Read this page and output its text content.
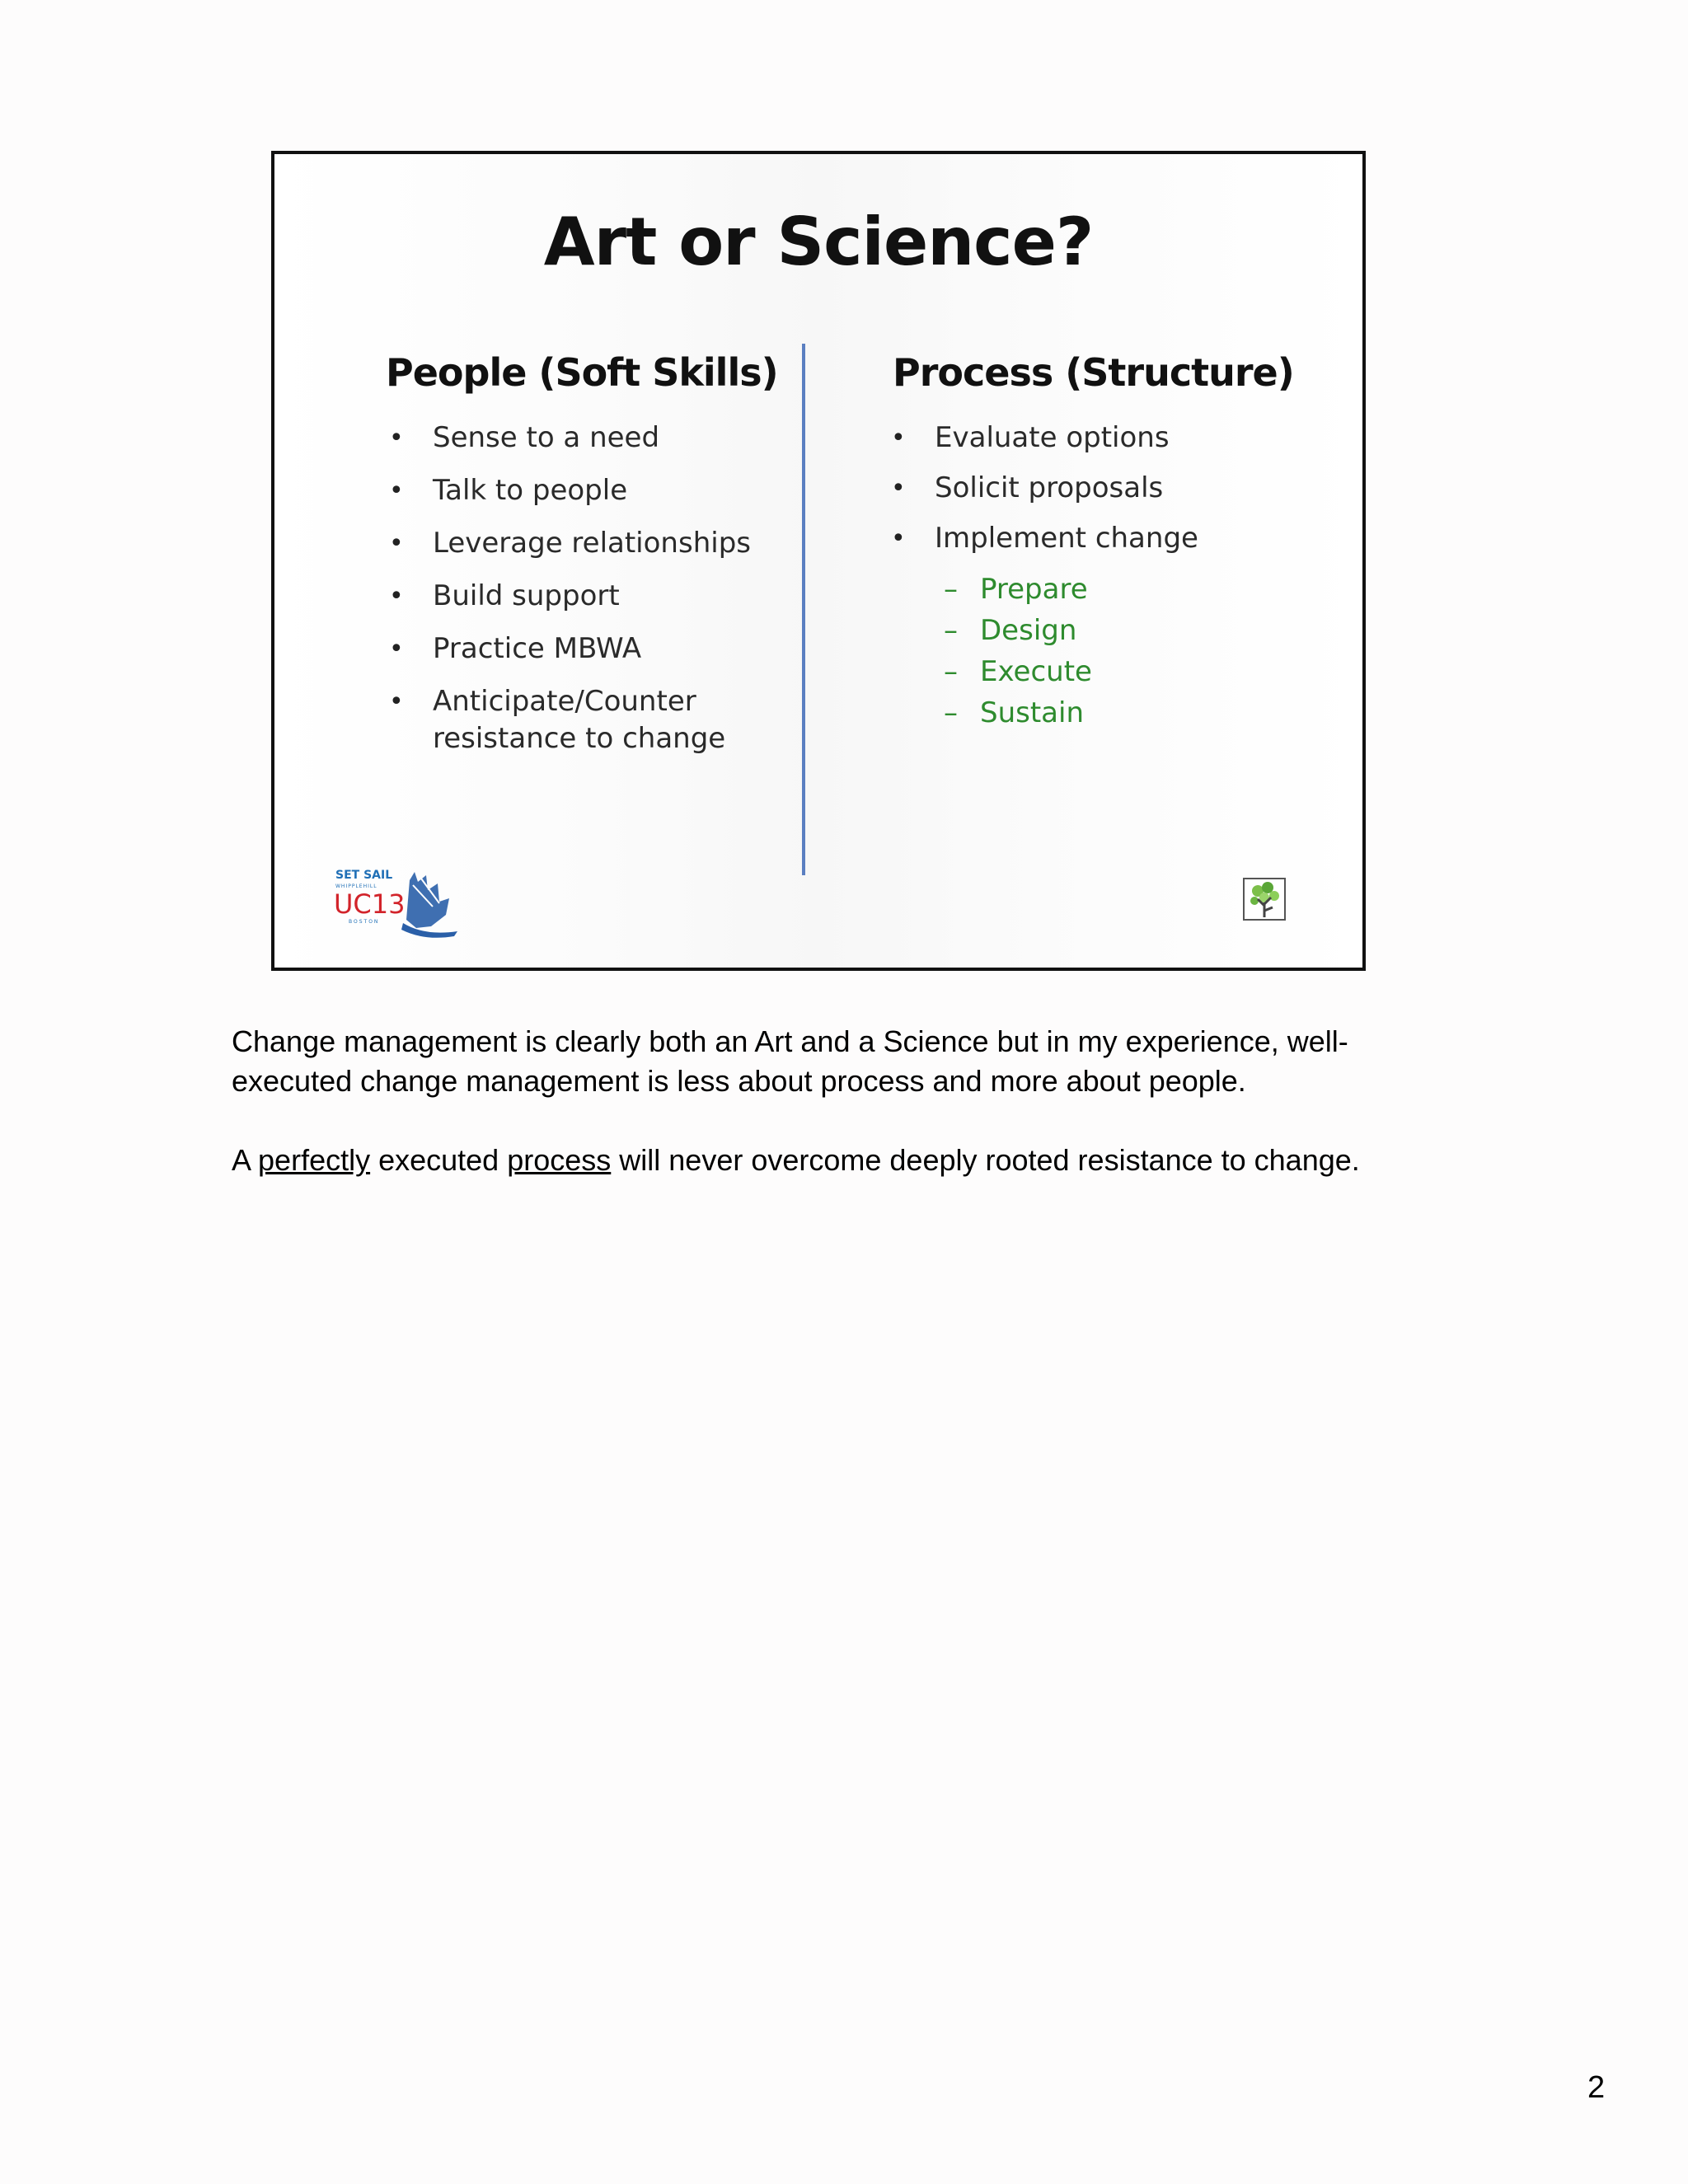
Art or Science?
People (Soft Skills)	Process (Structure)
• Sense to a need
• Talk to people
• Leverage relationships
• Build support
• Practice MBWA
• Anticipate/Counter resistance to change
• Evaluate options
• Solicit proposals
• Implement change
– Prepare
– Design
– Execute
– Sustain
SET SAIL
WHIPPLEHILL
UC13
BOSTON

Change management is clearly both an Art and a Science but in my experience, well-executed change management is less about process and more about people.

A perfectly executed process will never overcome deeply rooted resistance to change.

2
